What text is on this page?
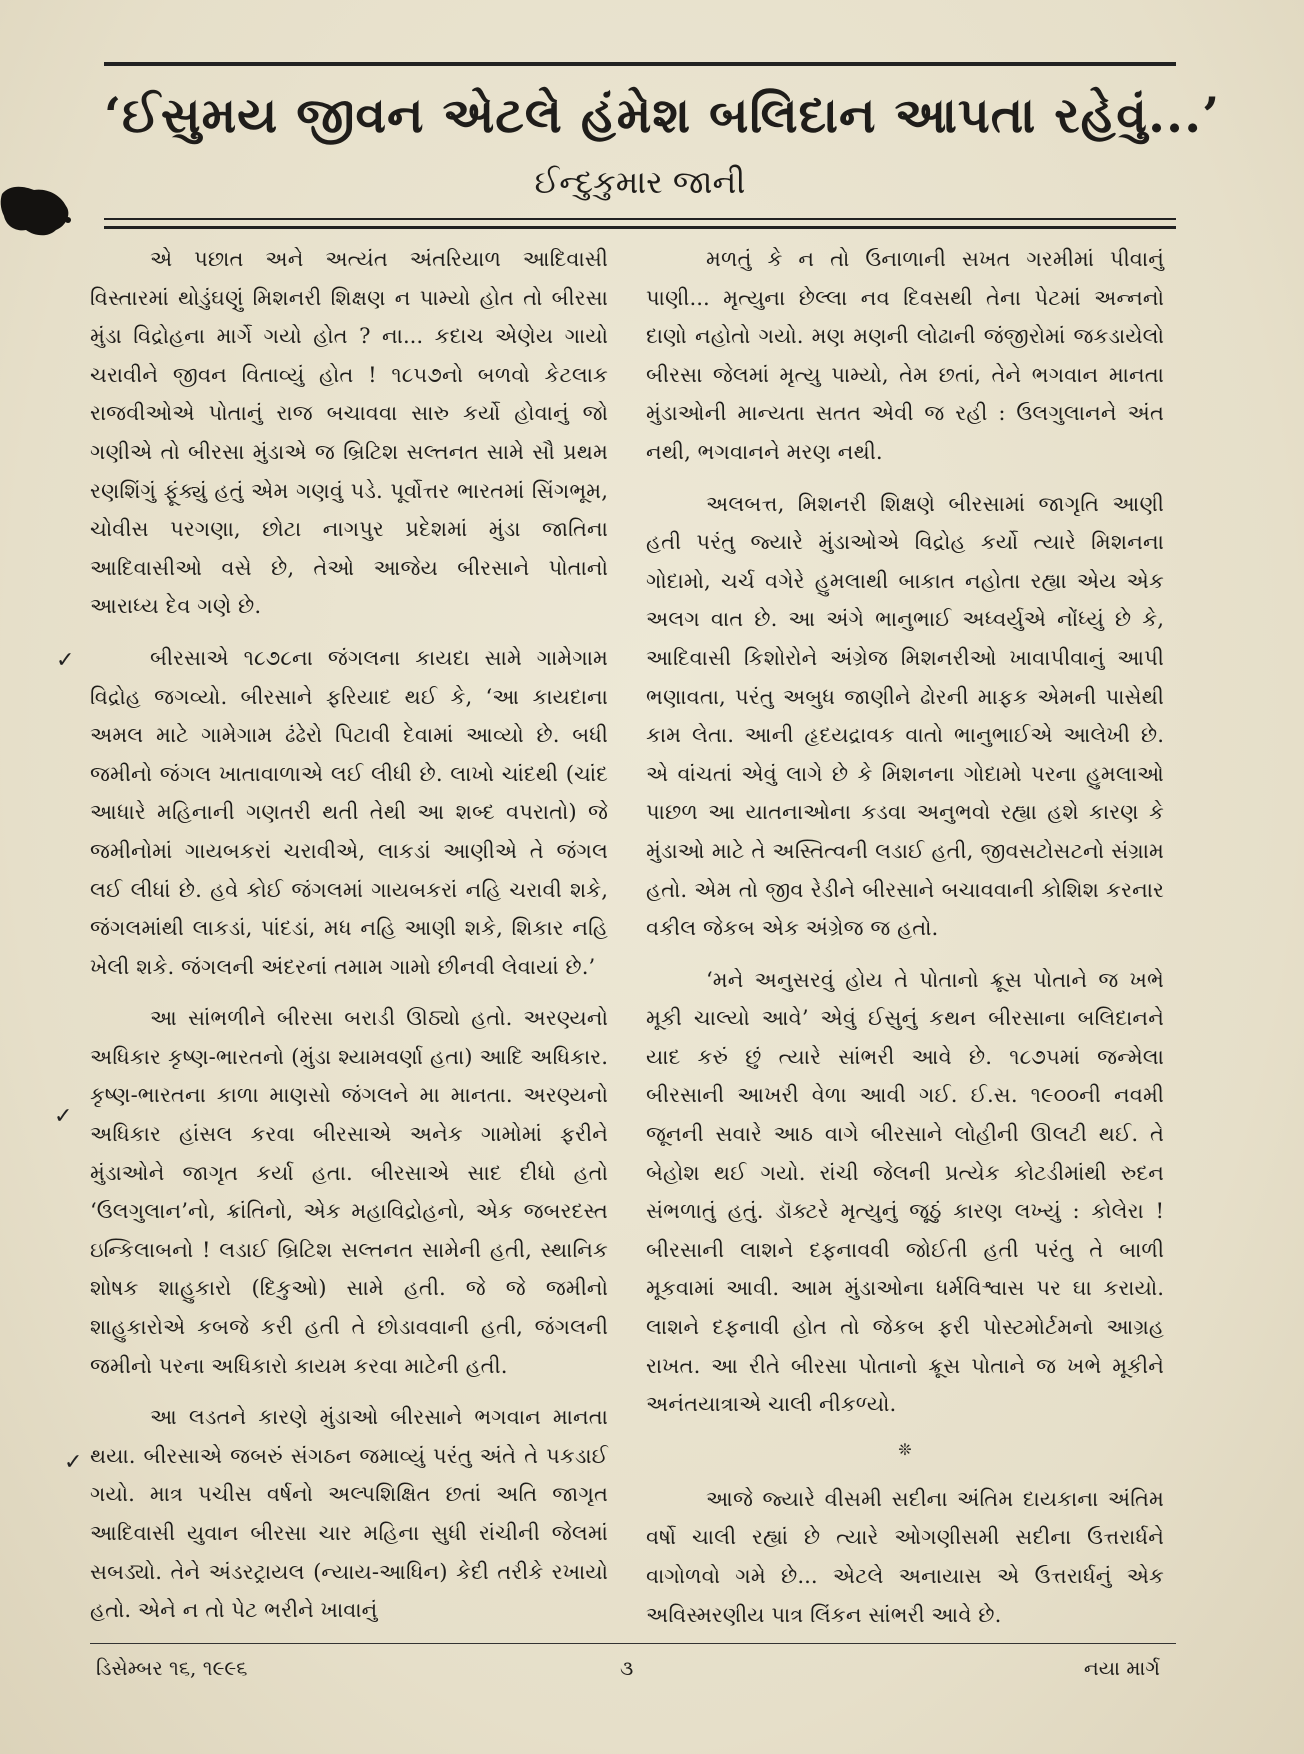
‘ઈસુમય જીવન એટલે હંમેશ બલિદાન આપતા રહેવું...’
ઈન્દુકુમાર જાની

એ પછાત અને અત્યંત અંતરિયાળ આદિવાસી વિસ્તારમાં થોડુંઘણું મિશનરી શિક્ષણ ન પામ્યો હોત તો બીરસા મુંડા વિદ્રોહના માર્ગે ગયો હોત ? ના... કદાચ એણેય ગાયો ચરાવીને જીવન વિતાવ્યું હોત ! ૧૮૫૭નો બળવો કેટલાક રાજવીઓએ પોતાનું રાજ બચાવવા સારુ કર્યો હોવાનું જો ગણીએ તો બીરસા મુંડાએ જ બ્રિટિશ સલ્તનત સામે સૌ પ્રથમ રણશિંગું ફૂંક્યું હતું એમ ગણવું પડે. પૂર્વોત્તર ભારતમાં સિંગભૂમ, ચોવીસ પરગણા, છોટા નાગપુર પ્રદેશમાં મુંડા જાતિના આદિવાસીઓ વસે છે, તેઓ આજેય બીરસાને પોતાનો આરાધ્ય દેવ ગણે છે.

બીરસાએ ૧૮૭૮ના જંગલના કાયદા સામે ગામેગામ વિદ્રોહ જગવ્યો. બીરસાને ફરિયાદ થઈ કે, ‘આ કાયદાના અમલ માટે ગામેગામ ઢંઢેરો પિટાવી દેવામાં આવ્યો છે. બધી જમીનો જંગલ ખાતાવાળાએ લઈ લીધી છે. લાખો ચાંદથી (ચાંદ આધારે મહિનાની ગણતરી થતી તેથી આ શબ્દ વપરાતો) જે જમીનોમાં ગાયબકરાં ચરાવીએ, લાકડાં આણીએ તે જંગલ લઈ લીધાં છે. હવે કોઈ જંગલમાં ગાયબકરાં નહિ ચરાવી શકે, જંગલમાંથી લાકડાં, પાંદડાં, મધ નહિ આણી શકે, શિકાર નહિ ખેલી શકે. જંગલની અંદરનાં તમામ ગામો છીનવી લેવાયાં છે.’

આ સાંભળીને બીરસા બરાડી ઊઠ્યો હતો. અરણ્યનો અધિકાર કૃષ્ણ-ભારતનો (મુંડા શ્યામવર્ણા હતા) આદિ અધિકાર. કૃષ્ણ-ભારતના કાળા માણસો જંગલને મા માનતા. અરણ્યનો અધિકાર હાંસલ કરવા બીરસાએ અનેક ગામોમાં ફરીને મુંડાઓને જાગૃત કર્યા હતા. બીરસાએ સાદ દીધો હતો ‘ઉલગુલાન’નો, ક્રાંતિનો, એક મહાવિદ્રોહનો, એક જબરદસ્ત ઇન્કિલાબનો ! લડાઈ બ્રિટિશ સલ્તનત સામેની હતી, સ્થાનિક શોષક શાહુકારો (દિકુઓ) સામે હતી. જે જે જમીનો શાહુકારોએ કબજે કરી હતી તે છોડાવવાની હતી, જંગલની જમીનો પરના અધિકારો કાયમ કરવા માટેની હતી.

આ લડતને કારણે મુંડાઓ બીરસાને ભગવાન માનતા થયા. બીરસાએ જબરું સંગઠન જમાવ્યું પરંતુ અંતે તે પકડાઈ ગયો. માત્ર પચીસ વર્ષનો અલ્પશિક્ષિત છતાં અતિ જાગૃત આદિવાસી યુવાન બીરસા ચાર મહિના સુધી રાંચીની જેલમાં સબડ્યો. તેને અંડરટ્રાયલ (ન્યાય-આધિન) કેદી તરીકે રખાયો હતો. એને ન તો પેટ ભરીને ખાવાનું

મળતું કે ન તો ઉનાળાની સખત ગરમીમાં પીવાનું પાણી... મૃત્યુના છેલ્લા નવ દિવસથી તેના પેટમાં અન્નનો દાણો નહોતો ગયો. મણ મણની લોઢાની જંજીરોમાં જકડાયેલો બીરસા જેલમાં મૃત્યુ પામ્યો, તેમ છતાં, તેને ભગવાન માનતા મુંડાઓની માન્યતા સતત એવી જ રહી : ઉલગુલાનને અંત નથી, ભગવાનને મરણ નથી.

અલબત્ત, મિશનરી શિક્ષણે બીરસામાં જાગૃતિ આણી હતી પરંતુ જ્યારે મુંડાઓએ વિદ્રોહ કર્યો ત્યારે મિશનના ગોદામો, ચર્ચ વગેરે હુમલાથી બાકાત નહોતા રહ્યા એય એક અલગ વાત છે. આ અંગે ભાનુભાઈ અધ્વર્યુએ નોંધ્યું છે કે, આદિવાસી કિશોરોને અંગ્રેજ મિશનરીઓ ખાવાપીવાનું આપી ભણાવતા, પરંતુ અબુધ જાણીને ઢોરની માફક એમની પાસેથી કામ લેતા. આની હૃદયદ્રાવક વાતો ભાનુભાઈએ આલેખી છે. એ વાંચતાં એવું લાગે છે કે મિશનના ગોદામો પરના હુમલાઓ પાછળ આ યાતનાઓના કડવા અનુભવો રહ્યા હશે કારણ કે મુંડાઓ માટે તે અસ્તિત્વની લડાઈ હતી, જીવસટોસટનો સંગ્રામ હતો. એમ તો જીવ રેડીને બીરસાને બચાવવાની કોશિશ કરનાર વકીલ જેકબ એક અંગ્રેજ જ હતો.

‘મને અનુસરવું હોય તે પોતાનો ક્રૂસ પોતાને જ ખભે મૂકી ચાલ્યો આવે’ એવું ઈસુનું કથન બીરસાના બલિદાનને યાદ કરું છું ત્યારે સાંભરી આવે છે. ૧૮૭૫માં જન્મેલા બીરસાની આખરી વેળા આવી ગઈ. ઈ.સ. ૧૯૦૦ની નવમી જૂનની સવારે આઠ વાગે બીરસાને લોહીની ઊલટી થઈ. તે બેહોશ થઈ ગયો. રાંચી જેલની પ્રત્યેક કોટડીમાંથી રુદન સંભળાતું હતું. ડૉક્ટરે મૃત્યુનું જૂઠું કારણ લખ્યું : કોલેરા ! બીરસાની લાશને દફનાવવી જોઈતી હતી પરંતુ તે બાળી મૂકવામાં આવી. આમ મુંડાઓના ધર્મવિશ્વાસ પર ઘા કરાયો. લાશને દફનાવી હોત તો જેકબ ફરી પોસ્ટમોર્ટમનો આગ્રહ રાખત. આ રીતે બીરસા પોતાનો ક્રૂસ પોતાને જ ખભે મૂકીને અનંતયાત્રાએ ચાલી નીકળ્યો.

❊

આજે જ્યારે વીસમી સદીના અંતિમ દાયકાના અંતિમ વર્ષો ચાલી રહ્યાં છે ત્યારે ઓગણીસમી સદીના ઉત્તરાર્ધને વાગોળવો ગમે છે... એટલે અનાયાસ એ ઉત્તરાર્ધનું એક અવિસ્મરણીય પાત્ર લિંકન સાંભરી આવે છે.

✓
✓
✓
ડિસેમ્બર ૧૬, ૧૯૯૬	૩	નયા માર્ગ
